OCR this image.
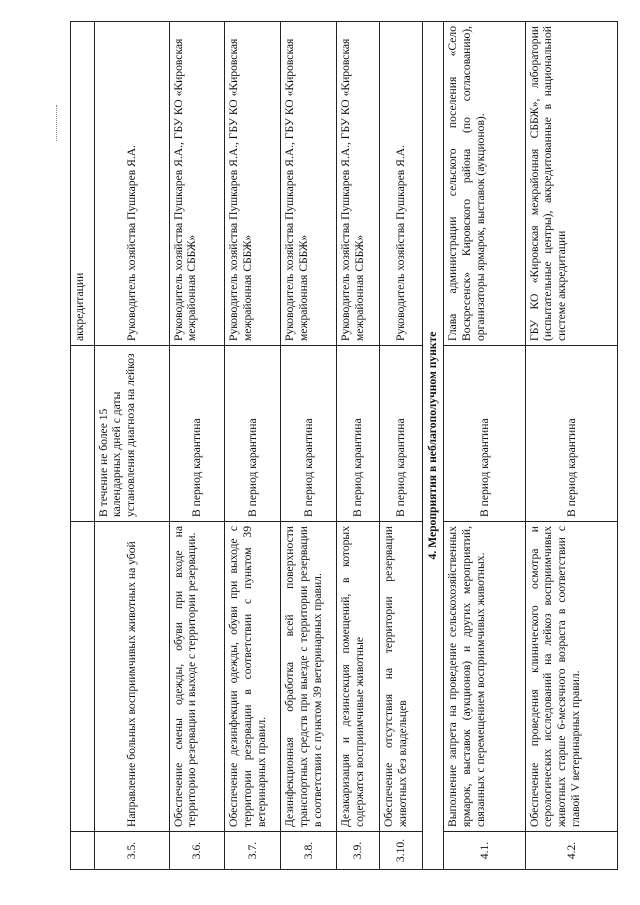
			аккредитации
3.5.	Направление больных восприимчивых животных на убой	В течение не более 15 календарных дней с даты установления диагноза на лейкоз	Руководитель хозяйства Пушкарев Я.А.
3.6.	Обеспечение смены одежды, обуви при входе на территорию резервации и выходе с территории резервации.	В период карантина	Руководитель хозяйства Пушкарев Я.А., ГБУ КО «Кировская межрайонная СББЖ»
3.7.	Обеспечение дезинфекции одежды, обуви при выходе с территории резервации в соответствии с пунктом 39 ветеринарных правил.	В период карантина	Руководитель хозяйства Пушкарев Я.А., ГБУ КО «Кировская межрайонная СББЖ»
3.8.	Дезинфекционная обработка всей поверхности транспортных средств при выезде с территории резервации в соответствии с пунктом 39 ветеринарных правил.	В период карантина	Руководитель хозяйства Пушкарев Я.А., ГБУ КО «Кировская межрайонная СББЖ»
3.9.	Дезакаризация и дезинсекция помещений, в которых содержатся восприимчивые животные	В период карантина	Руководитель хозяйства Пушкарев Я.А., ГБУ КО «Кировская межрайонная СББЖ»
3.10.	Обеспечение отсутствия на территории резервации животных без владельцев	В период карантина	Руководитель хозяйства Пушкарев Я.А.
4. Мероприятия в неблагополучном пункте			
4.1.	Выполнение запрета на проведение сельскохозяйственных ярмарок, выставок (аукционов) и других мероприятий, связанных с перемещением восприимчивых животных.	В период карантина	Глава администрации сельского поселения «Село Воскресенск» Кировского района (по согласованию), организаторы ярмарок, выставок (аукционов).
4.2.	Обеспечение проведения клинического осмотра и серологических исследований на лейкоз восприимчивых животных старше 6-месячного возраста в соответствии с главой V ветеринарных правил.	В период карантина	ГБУ КО «Кировская межрайонная СББЖ», лаборатории (испытательные центры), аккредитованные в национальной системе аккредитации
